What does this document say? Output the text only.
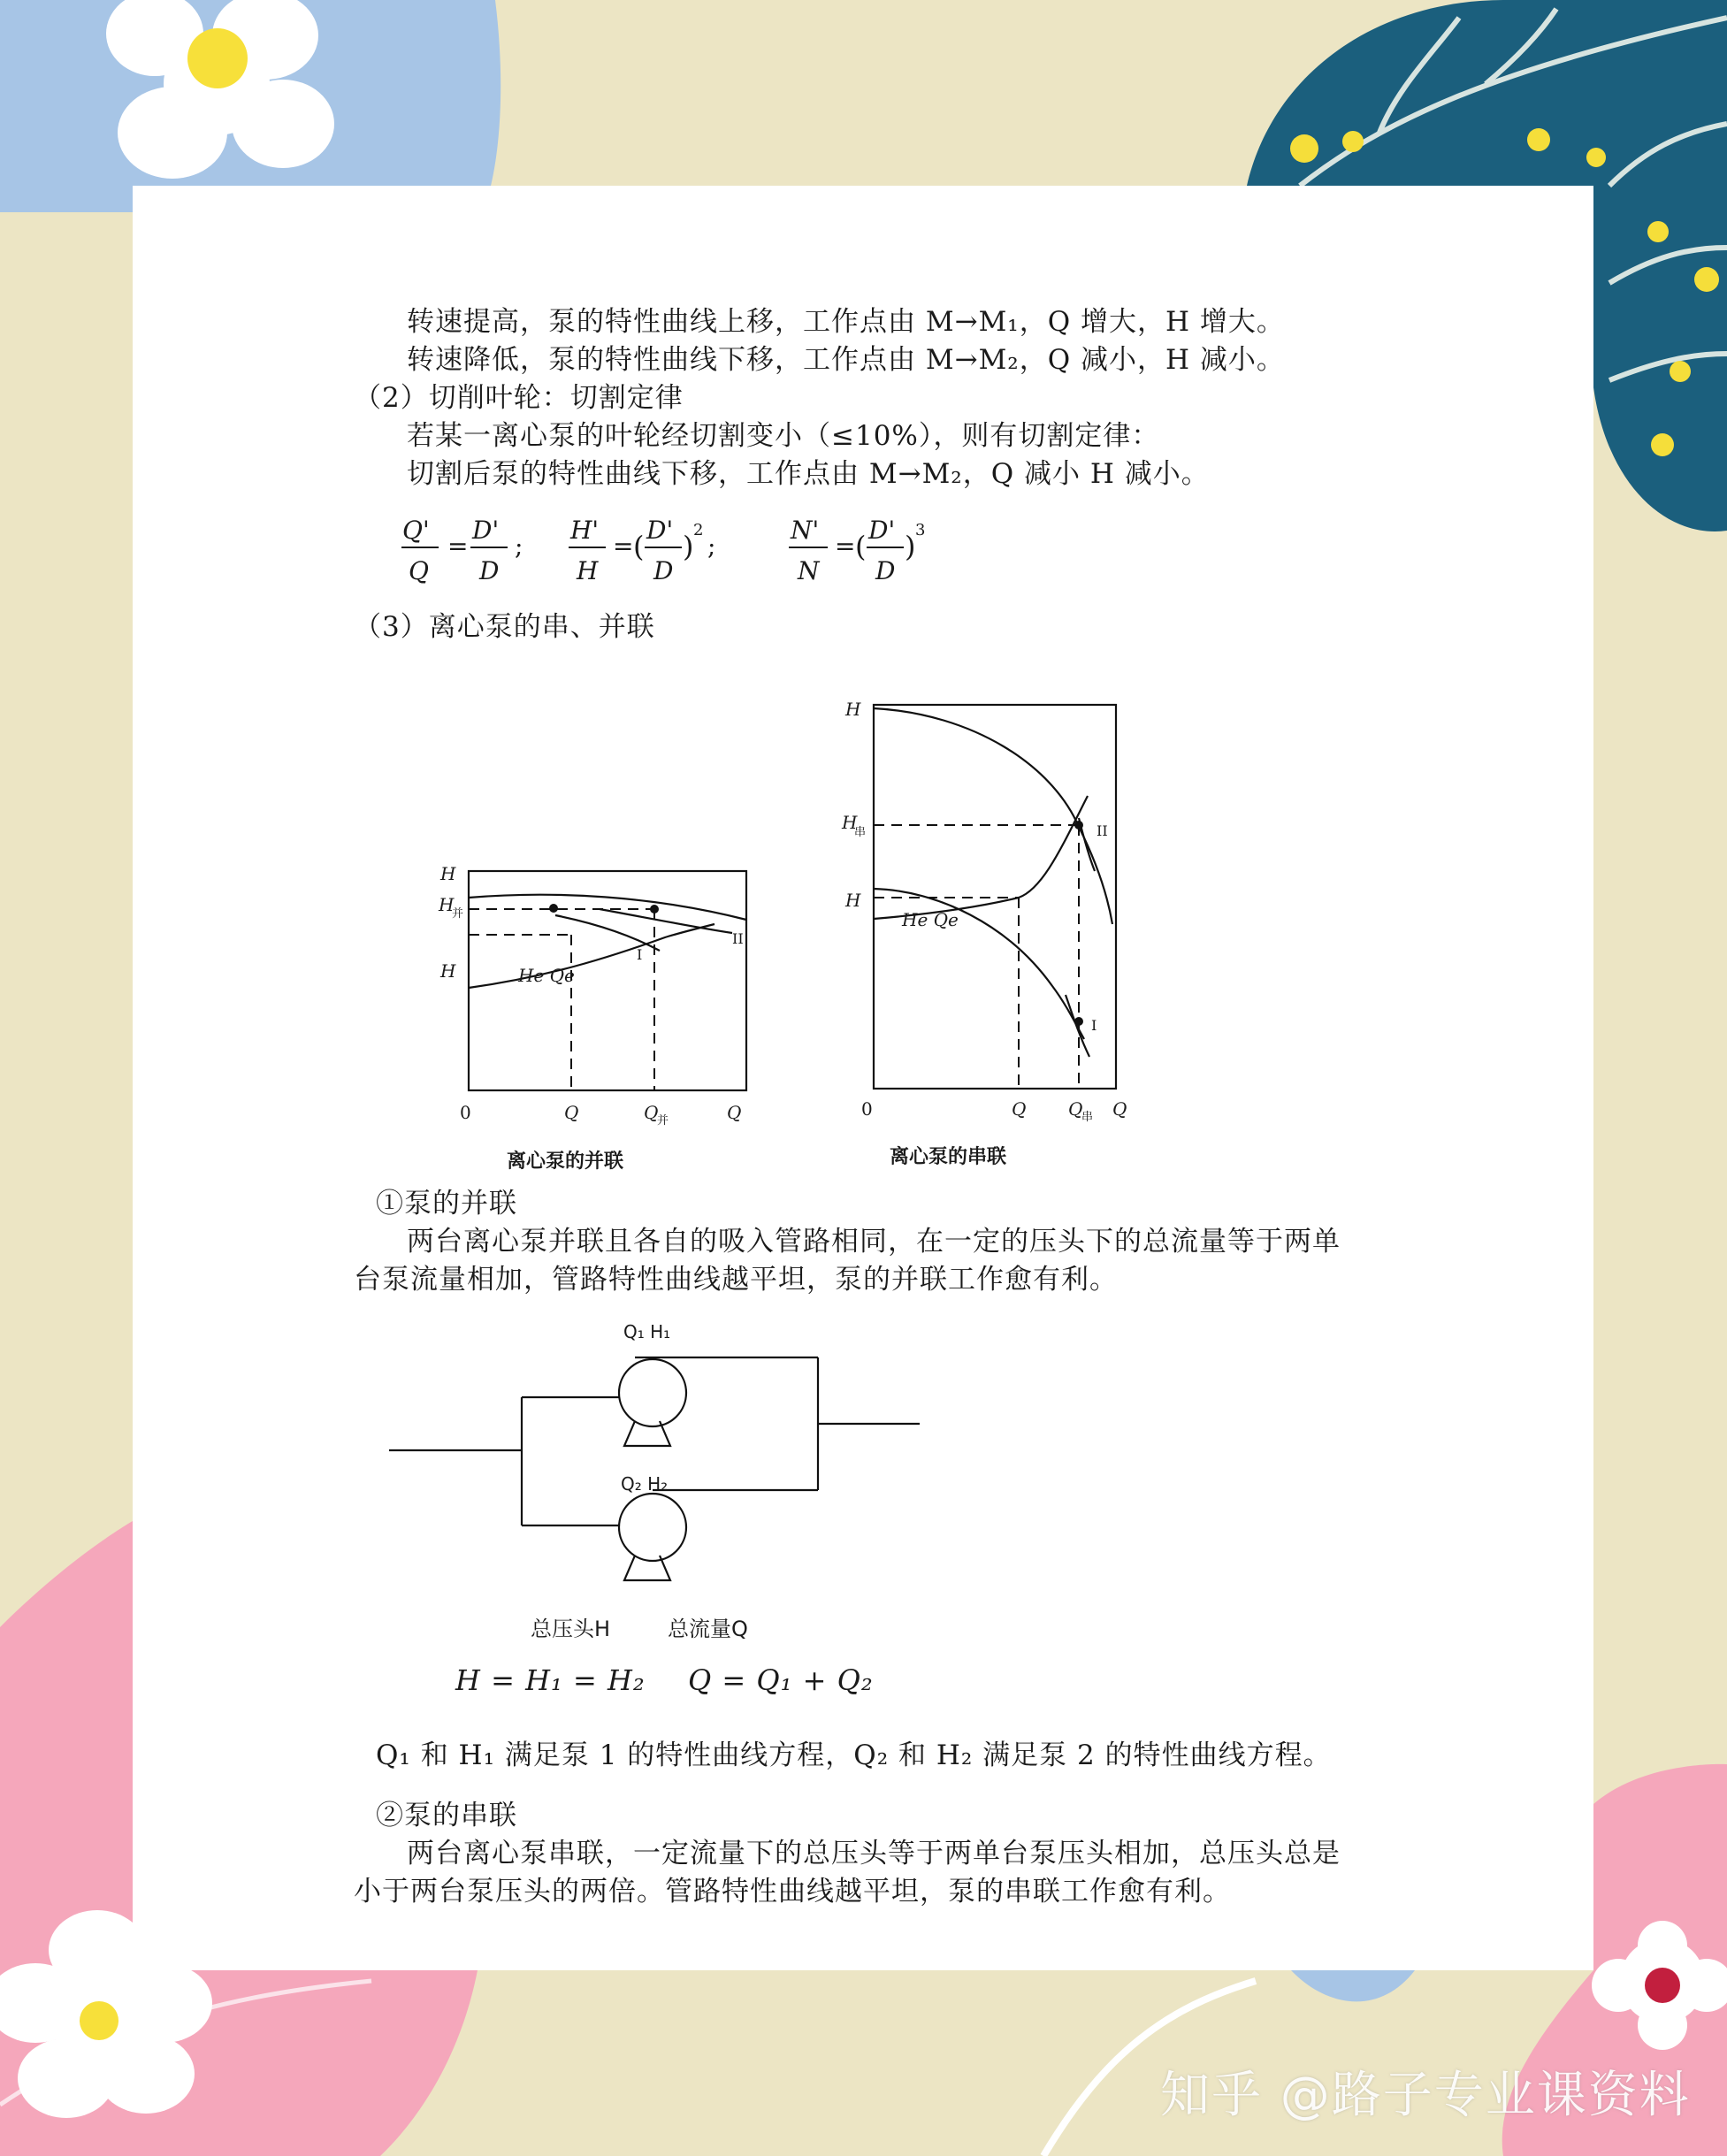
转速提高，泵的特性曲线上移，工作点由 M→M₁，Q 增大，H 增大。
转速降低，泵的特性曲线下移，工作点由 M→M₂，Q 减小，H 减小。
（2）切削叶轮：切割定律
若某一离心泵的叶轮经切割变小（≤10%），则有切割定律：
切割后泵的特性曲线下移，工作点由 M→M₂，Q 减小 H 减小。
Q'
Q
=
D'
D
;
H'
H
= ( D'
D
) 2
;
N'
N
= ( D'
D
) 3
（3）离心泵的串、并联
H
H
并
H	He Qe
I
II
0	Q	Q
并	Q
离心泵的并联
H
H
串
H
He Qe
I
II
0	Q Q
串 Q
离心泵的串联
①泵的并联
两台离心泵并联且各自的吸入管路相同，在一定的压头下的总流量等于两单
台泵流量相加，管路特性曲线越平坦，泵的并联工作愈有利。
Q₁ H₁
Q₂ H₂
总压头H	总流量Q
H = H₁ = H₂ Q = Q₁ + Q₂
Q₁ 和 H₁ 满足泵 1 的特性曲线方程，Q₂ 和 H₂ 满足泵 2 的特性曲线方程。
②泵的串联
两台离心泵串联，一定流量下的总压头等于两单台泵压头相加，总压头总是
小于两台泵压头的两倍。管路特性曲线越平坦，泵的串联工作愈有利。
知乎 @路子专业课资料
